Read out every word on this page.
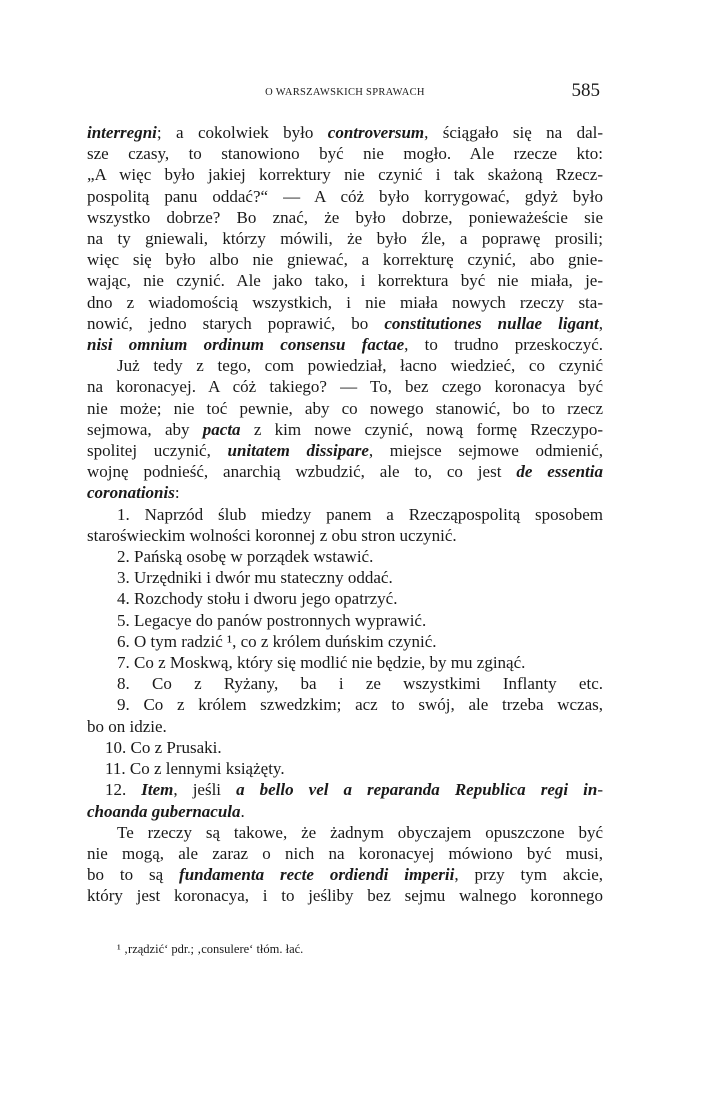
O WARSZAWSKICH SPRAWACH	585
interregni; a cokolwiek było controversum, ściągało się na dal-
sze czasy, to stanowiono być nie mogło. Ale rzecze kto:
„A więc było jakiej korrektury nie czynić i tak skażoną Rzecz-
pospolitą panu oddać?“ — A cóż było korrygować, gdyż było
wszystko dobrze? Bo znać, że było dobrze, ponieważeście sie
na ty gniewali, którzy mówili, że było źle, a poprawę prosili;
więc się było albo nie gniewać, a korrekturę czynić, abo gnie-
wając, nie czynić. Ale jako tako, i korrektura być nie miała, je-
dno z wiadomością wszystkich, i nie miała nowych rzeczy sta-
nowić, jedno starych poprawić, bo constitutiones nullae ligant,
nisi omnium ordinum consensu factae, to trudno przeskoczyć.
Już tedy z tego, com powiedział, łacno wiedzieć, co czynić
na koronacyej. A cóż takiego? — To, bez czego koronacya być
nie może; nie toć pewnie, aby co nowego stanowić, bo to rzecz
sejmowa, aby pacta z kim nowe czynić, nową formę Rzeczypo-
spolitej uczynić, unitatem dissipare, miejsce sejmowe odmienić,
wojnę podnieść, anarchią wzbudzić, ale to, co jest de essentia
coronationis:
1. Naprzód ślub miedzy panem a Rzecząpospolitą sposobem
staroświeckim wolności koronnej z obu stron uczynić.
2. Pańską osobę w porządek wstawić.
3. Urzędniki i dwór mu stateczny oddać.
4. Rozchody stołu i dworu jego opatrzyć.
5. Legacye do panów postronnych wyprawić.
6. O tym radzić ¹, co z królem duńskim czynić.
7. Co z Moskwą, który się modlić nie będzie, by mu zginąć.
8. Co z Ryżany, ba i ze wszystkimi Inflanty etc.
9. Co z królem szwedzkim; acz to swój, ale trzeba wczas,
bo on idzie.
10. Co z Prusaki.
11. Co z lennymi książęty.
12. Item, jeśli a bello vel a reparanda Republica regi in-
choanda gubernacula.
Te rzeczy są takowe, że żadnym obyczajem opuszczone być
nie mogą, ale zaraz o nich na koronacyej mówiono być musi,
bo to są fundamenta recte ordiendi imperii, przy tym akcie,
który jest koronacya, i to jeśliby bez sejmu walnego koronnego
¹ ‚rządzić‘ pdr.; ‚consulere‘ tłóm. łać.
